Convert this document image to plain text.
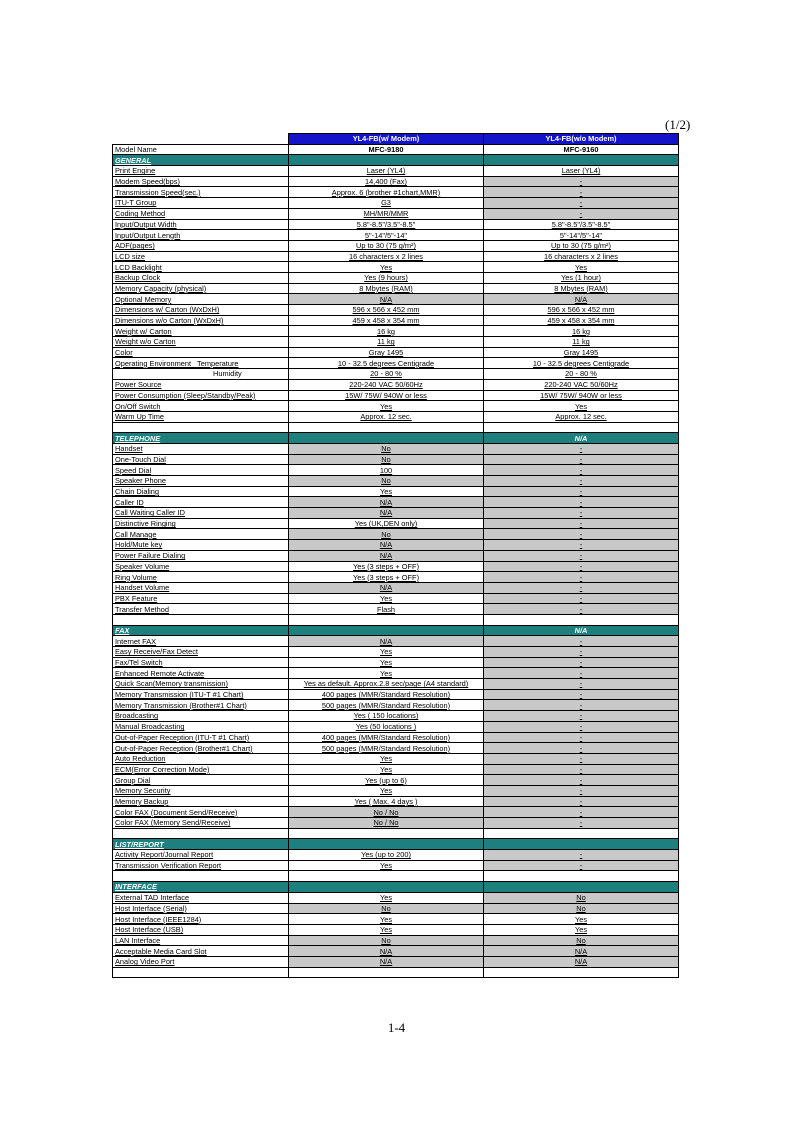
(1/2)
	YL4-FB(w/ Modem)	YL4-FB(w/o Modem)
Model Name	MFC-9180	MFC-9160
GENERAL		
Print Engine	Laser (YL4)	Laser (YL4)
Modem Speed(bps)	14,400 (Fax)	-
Transmission Speed(sec.)	Approx. 6 (brother #1chart,MMR)	-
ITU-T Group	G3	-
Coding Method	MH/MR/MMR	-
Input/Output Width	5.8"-8.5"/3.5"-8.5"	5.8"-8.5"/3.5"-8.5"
Input/Output Length	5"-14"/5"-14"	5"-14"/5"-14"
ADF(pages)	Up to 30 (75 g/m²)	Up to 30 (75 g/m²)
LCD size	16 characters x 2 lines	16 characters x 2 lines
LCD Backlight	Yes	Yes
Backup Clock	Yes (9 hours)	Yes (1 hour)
Memory Capacity (physical)	8 Mbytes (RAM)	8 Mbytes (RAM)
Optional Memory	N/A	N/A
Dimensions w/ Carton (WxDxH)	596 x 566 x 452 mm	596 x 566 x 452 mm
Dimensions w/o Carton (WxDxH)	459 x 458 x 354 mm	459 x 458 x 354 mm
Weight w/ Carton	16 kg	16 kg
Weight w/o Carton	11 kg	11 kg
Color	Gray 1495	Gray 1495
Operating Environment   Temperature	10 - 32.5 degrees Centigrade	10 - 32.5 degrees Centigrade
Humidity	20 - 80 %	20 - 80 %
Power Source	220-240 VAC 50/60Hz	220-240 VAC 50/60Hz
Power Consumption (Sleep/Standby/Peak)	15W/ 75W/ 940W or less	15W/ 75W/ 940W or less
On/Off Switch	Yes	Yes
Warm Up Time	Approx. 12 sec.	Approx. 12 sec.

TELEPHONE		N/A
Handset	No	-
One-Touch Dial	No	-
Speed Dial	100	-
Speaker Phone	No	-
Chain Dialing	Yes	-
Caller ID	N/A	-
Call Waiting Caller ID	N/A	-
Distinctive Ringing	Yes (UK,DEN only)	-
Call Manage	No	-
Hold/Mute key	N/A	-
Power Failure Dialing	N/A	-
Speaker Volume	Yes (3 steps + OFF)	-
Ring Volume	Yes (3 steps + OFF)	-
Handset Volume	N/A	-
PBX Feature	Yes	-
Transfer Method	Flash	-

FAX		N/A
Internet FAX	N/A	-
Easy Receive/Fax Detect	Yes	-
Fax/Tel Switch	Yes	-
Enhanced Remote Activate	Yes	-
Quick Scan(Memory transmission)	Yes as default. Approx.2.8 sec/page (A4 standard)	-
Memory Transmission (ITU-T #1 Chart)	400 pages (MMR/Standard Resolution)	-
Memory Transmission (Brother#1 Chart)	500 pages (MMR/Standard Resolution)	-
Broadcasting	Yes ( 150 locations)	-
Manual Broadcasting	Yes (50 locations )	-
Out-of-Paper Reception (ITU-T #1 Chart)	400 pages (MMR/Standard Resolution)	-
Out-of-Paper Reception (Brother#1 Chart)	500 pages (MMR/Standard Resolution)	-
Auto Reduction	Yes	-
ECM(Error Correction Mode)	Yes	-
Group Dial	Yes (up to 6)	-
Memory Security	Yes	-
Memory Backup	Yes ( Max. 4 days )	-
Color FAX (Document Send/Receive)	No / No	-
Color FAX (Memory Send/Receive)	No / No	-

LIST/REPORT		
Activity Report/Journal Report	Yes (up to 200)	-
Transmission Verification Report	Yes	-

INTERFACE		
External TAD Interface	Yes	No
Host Interface (Serial)	No	No
Host Interface (IEEE1284)	Yes	Yes
Host Interface (USB)	Yes	Yes
LAN Interface	No	No
Acceptable Media Card Slot	N/A	N/A
Analog Video Port	N/A	N/A

1-4
